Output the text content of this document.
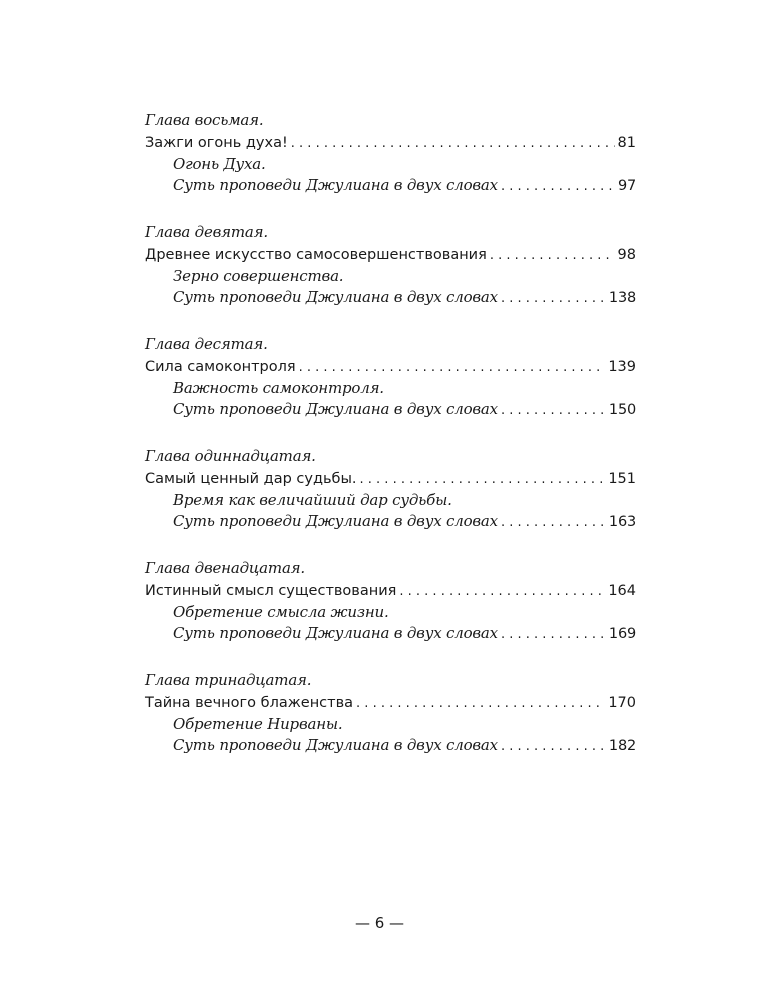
Глава восьмая.
Зажги огонь духа! . . .	81
Огонь Духа.
Суть проповеди Джулиана в двух словах . . .	97
Глава девятая.
Древнее искусство самосовершенствования . . .	98
Зерно совершенства.
Суть проповеди Джулиана в двух словах . . .	138
Глава десятая.
Сила самоконтроля . . .	139
Важность самоконтроля.
Суть проповеди Джулиана в двух словах . . .	150
Глава одиннадцатая.
Самый ценный дар судьбы. . . .	151
Время как величайший дар судьбы.
Суть проповеди Джулиана в двух словах . . .	163
Глава двенадцатая.
Истинный смысл существования . . .	164
Обретение смысла жизни.
Суть проповеди Джулиана в двух словах . . .	169
Глава тринадцатая.
Тайна вечного блаженства . . .	170
Обретение Нирваны.
Суть проповеди Джулиана в двух словах . . .	182
— 6 —
